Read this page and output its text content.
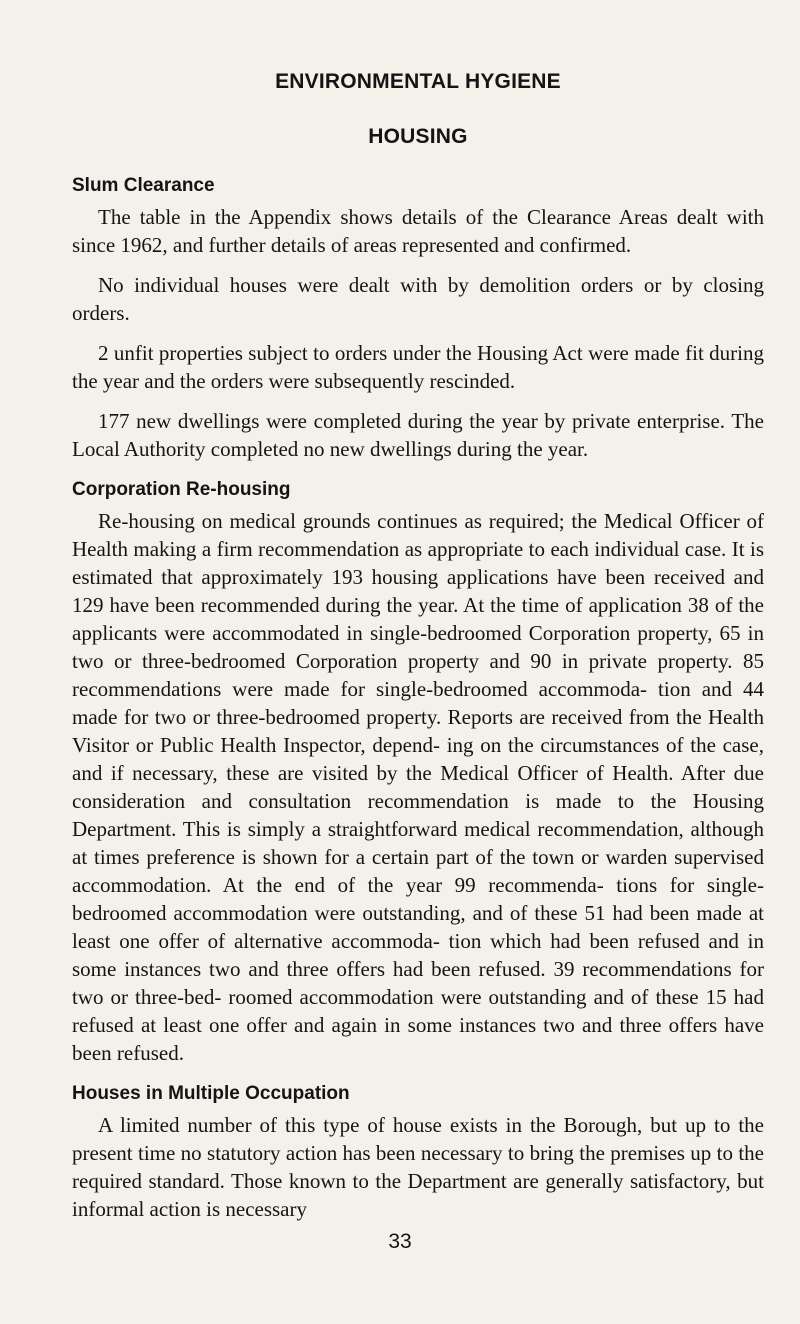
ENVIRONMENTAL HYGIENE
HOUSING
Slum Clearance

The table in the Appendix shows details of the Clearance Areas dealt with since 1962, and further details of areas represented and confirmed.

No individual houses were dealt with by demolition orders or by closing orders.

2 unfit properties subject to orders under the Housing Act were made fit during the year and the orders were subsequently rescinded.

177 new dwellings were completed during the year by private enterprise. The Local Authority completed no new dwellings during the year.

Corporation Re-housing

Re-housing on medical grounds continues as required; the Medical Officer of Health making a firm recommendation as appropriate to each individual case. It is estimated that approximately 193 housing applications have been received and 129 have been recommended during the year. At the time of application 38 of the applicants were accommodated in single-bedroomed Corporation property, 65 in two or three-bedroomed Corporation property and 90 in private property. 85 recommendations were made for single-bedroomed accommoda- tion and 44 made for two or three-bedroomed property. Reports are received from the Health Visitor or Public Health Inspector, depend- ing on the circumstances of the case, and if necessary, these are visited by the Medical Officer of Health. After due consideration and consultation recommendation is made to the Housing Department. This is simply a straightforward medical recommendation, although at times preference is shown for a certain part of the town or warden supervised accommodation. At the end of the year 99 recommenda- tions for single-bedroomed accommodation were outstanding, and of these 51 had been made at least one offer of alternative accommoda- tion which had been refused and in some instances two and three offers had been refused. 39 recommendations for two or three-bed- roomed accommodation were outstanding and of these 15 had refused at least one offer and again in some instances two and three offers have been refused.

Houses in Multiple Occupation

A limited number of this type of house exists in the Borough, but up to the present time no statutory action has been necessary to bring the premises up to the required standard. Those known to the Department are generally satisfactory, but informal action is necessary

33
